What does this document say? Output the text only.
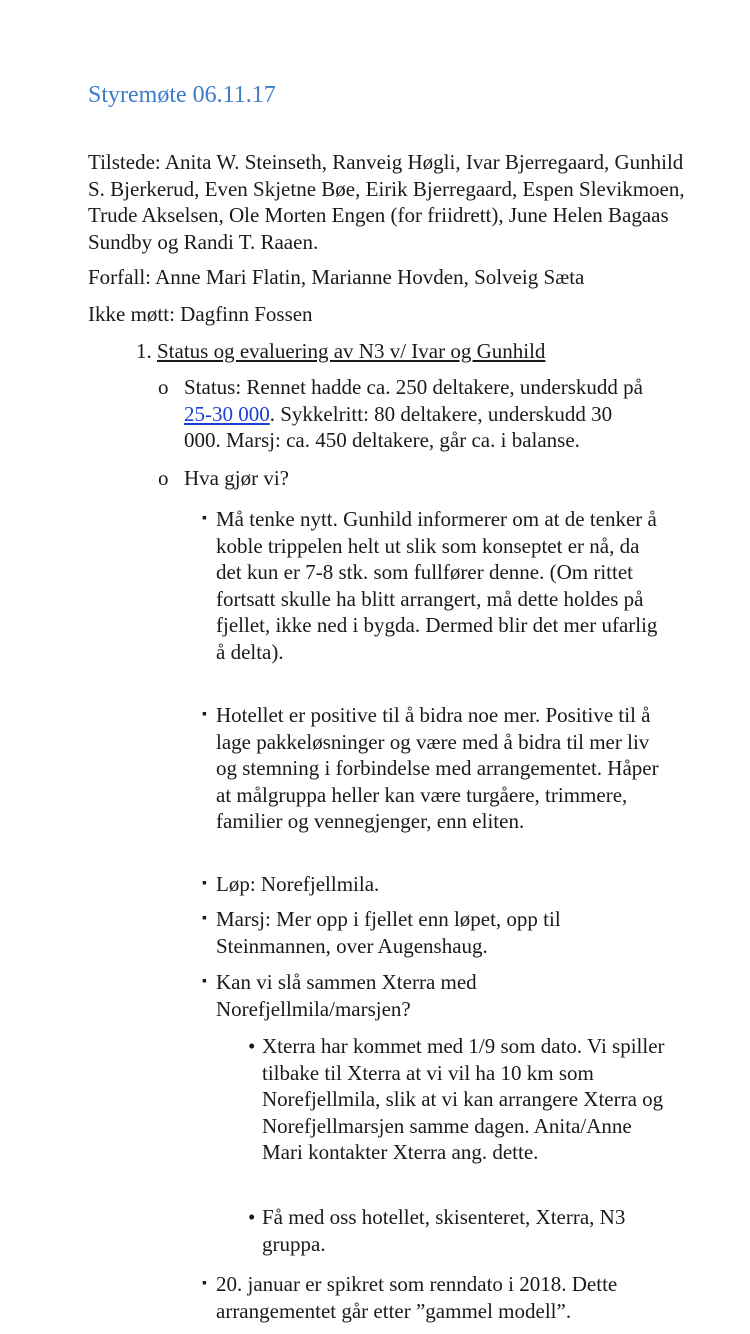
Styremøte 06.11.17
Tilstede: Anita W. Steinseth, Ranveig Høgli, Ivar Bjerregaard, Gunhild S. Bjerkerud, Even Skjetne Bøe, Eirik Bjerregaard, Espen Slevikmoen, Trude Akselsen, Ole Morten Engen (for friidrett), June Helen Bagaas Sundby og Randi T. Raaen.
Forfall: Anne Mari Flatin, Marianne Hovden, Solveig Sæta
Ikke møtt: Dagfinn Fossen
1. Status og evaluering av N3 v/ Ivar og Gunhild
o Status: Rennet hadde ca. 250 deltakere, underskudd på 25-30 000. Sykkelritt: 80 deltakere, underskudd 30 000. Marsj: ca. 450 deltakere, går ca. i balanse.
o Hva gjør vi?
▪ Må tenke nytt. Gunhild informerer om at de tenker å koble trippelen helt ut slik som konseptet er nå, da det kun er 7-8 stk. som fullfører denne. (Om rittet fortsatt skulle ha blitt arrangert, må dette holdes på fjellet, ikke ned i bygda. Dermed blir det mer ufarlig å delta).
▪ Hotellet er positive til å bidra noe mer. Positive til å lage pakkeløsninger og være med å bidra til mer liv og stemning i forbindelse med arrangementet. Håper at målgruppa heller kan være turgåere, trimmere, familier og vennegjenger, enn eliten.
▪ Løp: Norefjellmila.
▪ Marsj: Mer opp i fjellet enn løpet, opp til Steinmannen, over Augenshaug.
▪ Kan vi slå sammen Xterra med Norefjellmila/marsjen?
• Xterra har kommet med 1/9 som dato. Vi spiller tilbake til Xterra at vi vil ha 10 km som Norefjellmila, slik at vi kan arrangere Xterra og Norefjellmarsjen samme dagen. Anita/Anne Mari kontakter Xterra ang. dette.
• Få med oss hotellet, skisenteret, Xterra, N3 gruppa.
▪ 20. januar er spikret som renndato i 2018. Dette arrangementet går etter ”gammel modell”.
